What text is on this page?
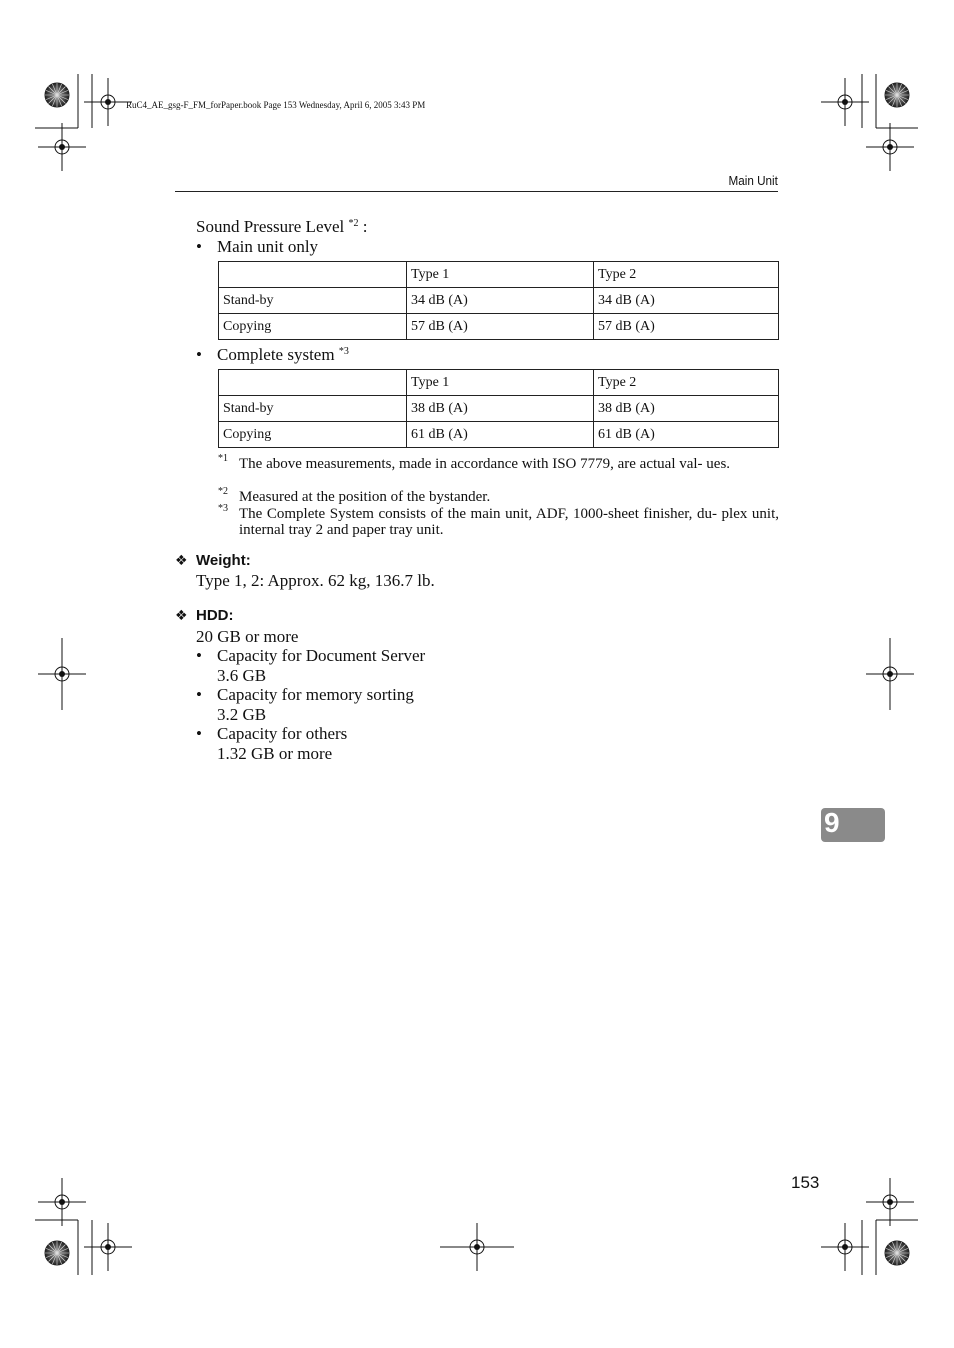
RuC4_AE_gsg-F_FM_forPaper.book Page 153 Wednesday, April 6, 2005 3:43 PM
Main Unit
Sound Pressure Level $^{*2}$ :
• Main unit only
	Type 1	Type 2
Stand-by	34 dB (A)	34 dB (A)
Copying	57 dB (A)	57 dB (A)
• Complete system $^{*3}$
	Type 1	Type 2
Stand-by	38 dB (A)	38 dB (A)
Copying	61 dB (A)	61 dB (A)
*1 The above measurements, made in accordance with ISO 7779, are actual val- ues.
*2 Measured at the position of the bystander.
*3 The Complete System consists of the main unit, ADF, 1000-sheet finisher, du- plex unit, internal tray 2 and paper tray unit.
❖ Weight:
Type 1, 2: Approx. 62 kg, 136.7 lb.
❖ HDD:
20 GB or more
• Capacity for Document Server
3.6 GB
• Capacity for memory sorting
3.2 GB
• Capacity for others
1.32 GB or more
9
153
